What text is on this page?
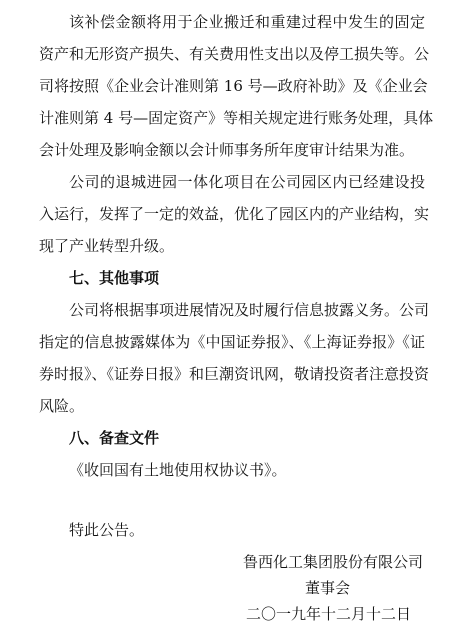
该补偿金额将用于企业搬迁和重建过程中发生的固定
资产和无形资产损失、有关费用性支出以及停工损失等。公
司将按照《企业会计准则第 16 号—政府补助》及《企业会
计准则第 4 号—固定资产》等相关规定进行账务处理，具体
会计处理及影响金额以会计师事务所年度审计结果为准。
公司的退城进园一体化项目在公司园区内已经建设投
入运行，发挥了一定的效益，优化了园区内的产业结构，实
现了产业转型升级。
七、其他事项
公司将根据事项进展情况及时履行信息披露义务。公司
指定的信息披露媒体为《中国证券报》、《上海证券报》《证
券时报》、《证券日报》和巨潮资讯网，敬请投资者注意投资
风险。
八、备查文件
《收回国有土地使用权协议书》。
特此公告。
鲁西化工集团股份有限公司
董事会
二〇一九年十二月十二日
